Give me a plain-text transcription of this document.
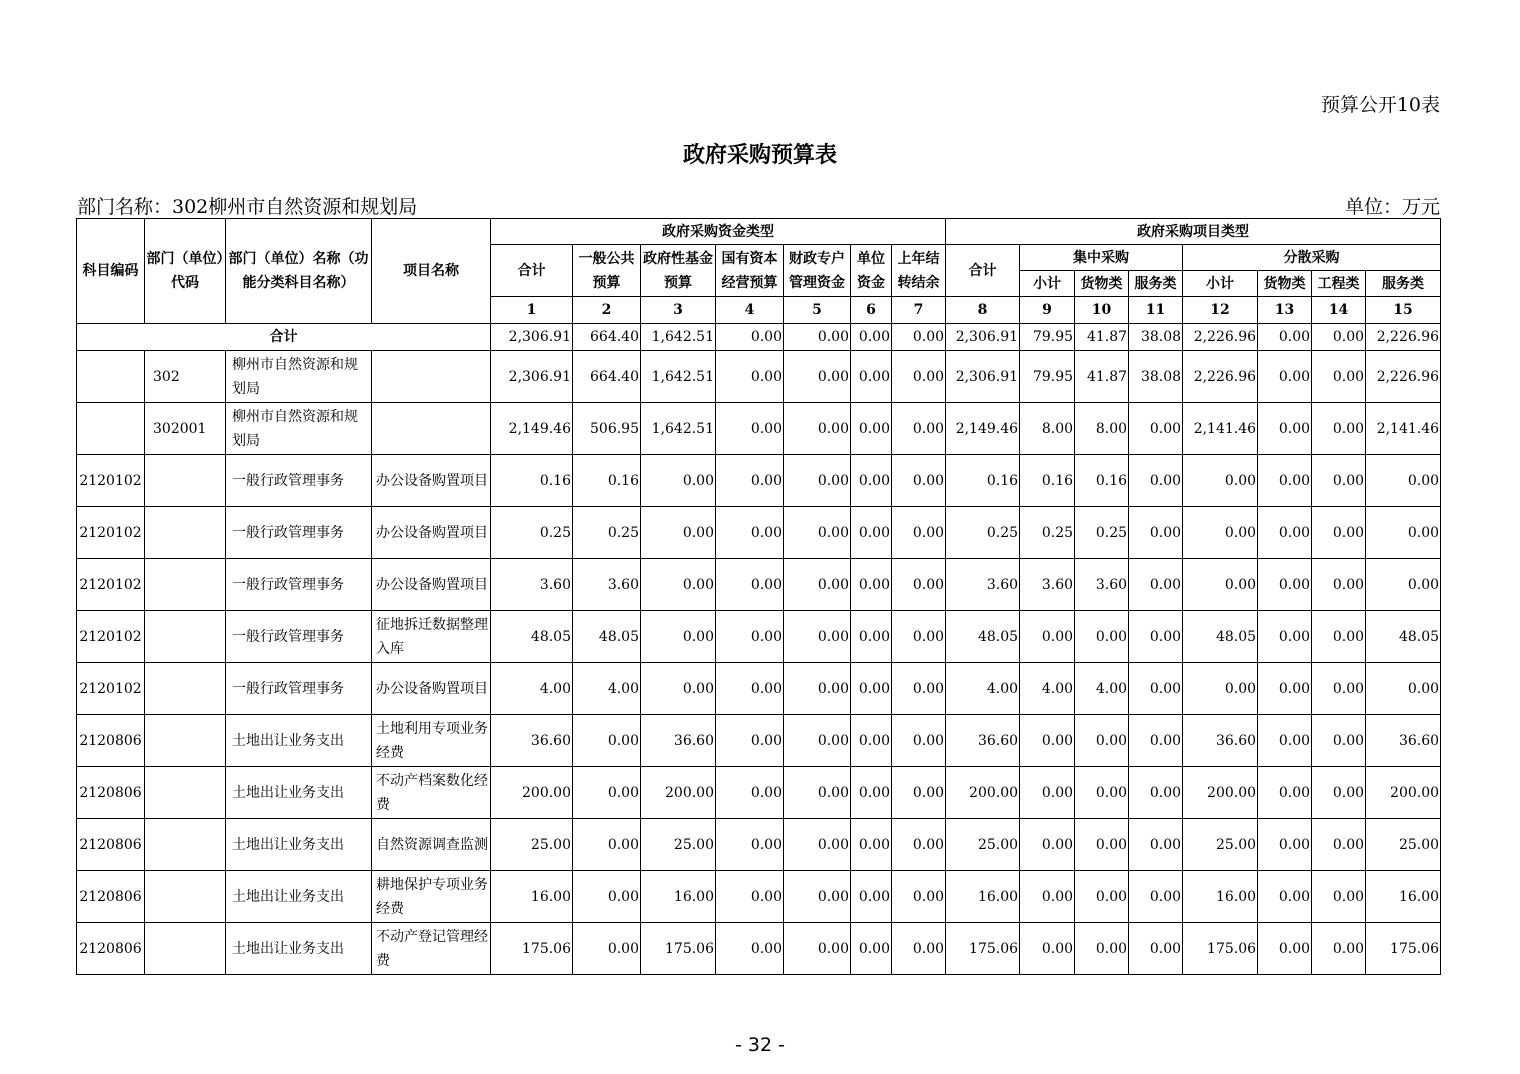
预算公开10表
政府采购预算表
部门名称：302柳州市自然资源和规划局	单位：万元
科目编码	部门（单位）代码	部门（单位）名称（功能分类科目名称）	项目名称	政府采购资金类型							政府采购项目类型							
				合计	一般公共预算	政府性基金预算	国有资本经营预算	财政专户管理资金	单位资金	上年结转结余	合计	集中采购			分散采购			
												小计	货物类	服务类	小计	货物类	工程类	服务类
				1	2	3	4	5	6	7	8	9	10	11	12	13	14	15
合计				2,306.91	664.40	1,642.51	0.00	0.00	0.00	0.00	2,306.91	79.95	41.87	38.08	2,226.96	0.00	0.00	2,226.96
	302	柳州市自然资源和规划局		2,306.91	664.40	1,642.51	0.00	0.00	0.00	0.00	2,306.91	79.95	41.87	38.08	2,226.96	0.00	0.00	2,226.96
	302001	柳州市自然资源和规划局		2,149.46	506.95	1,642.51	0.00	0.00	0.00	0.00	2,149.46	8.00	8.00	0.00	2,141.46	0.00	0.00	2,141.46
2120102		一般行政管理事务	办公设备购置项目	0.16	0.16	0.00	0.00	0.00	0.00	0.00	0.16	0.16	0.16	0.00	0.00	0.00	0.00	0.00
2120102		一般行政管理事务	办公设备购置项目	0.25	0.25	0.00	0.00	0.00	0.00	0.00	0.25	0.25	0.25	0.00	0.00	0.00	0.00	0.00
2120102		一般行政管理事务	办公设备购置项目	3.60	3.60	0.00	0.00	0.00	0.00	0.00	3.60	3.60	3.60	0.00	0.00	0.00	0.00	0.00
2120102		一般行政管理事务	征地拆迁数据整理入库	48.05	48.05	0.00	0.00	0.00	0.00	0.00	48.05	0.00	0.00	0.00	48.05	0.00	0.00	48.05
2120102		一般行政管理事务	办公设备购置项目	4.00	4.00	0.00	0.00	0.00	0.00	0.00	4.00	4.00	4.00	0.00	0.00	0.00	0.00	0.00
2120806		土地出让业务支出	土地利用专项业务经费	36.60	0.00	36.60	0.00	0.00	0.00	0.00	36.60	0.00	0.00	0.00	36.60	0.00	0.00	36.60
2120806		土地出让业务支出	不动产档案数化经费	200.00	0.00	200.00	0.00	0.00	0.00	0.00	200.00	0.00	0.00	0.00	200.00	0.00	0.00	200.00
2120806		土地出让业务支出	自然资源调查监测	25.00	0.00	25.00	0.00	0.00	0.00	0.00	25.00	0.00	0.00	0.00	25.00	0.00	0.00	25.00
2120806		土地出让业务支出	耕地保护专项业务经费	16.00	0.00	16.00	0.00	0.00	0.00	0.00	16.00	0.00	0.00	0.00	16.00	0.00	0.00	16.00
2120806		土地出让业务支出	不动产登记管理经费	175.06	0.00	175.06	0.00	0.00	0.00	0.00	175.06	0.00	0.00	0.00	175.06	0.00	0.00	175.06
- 32 -
